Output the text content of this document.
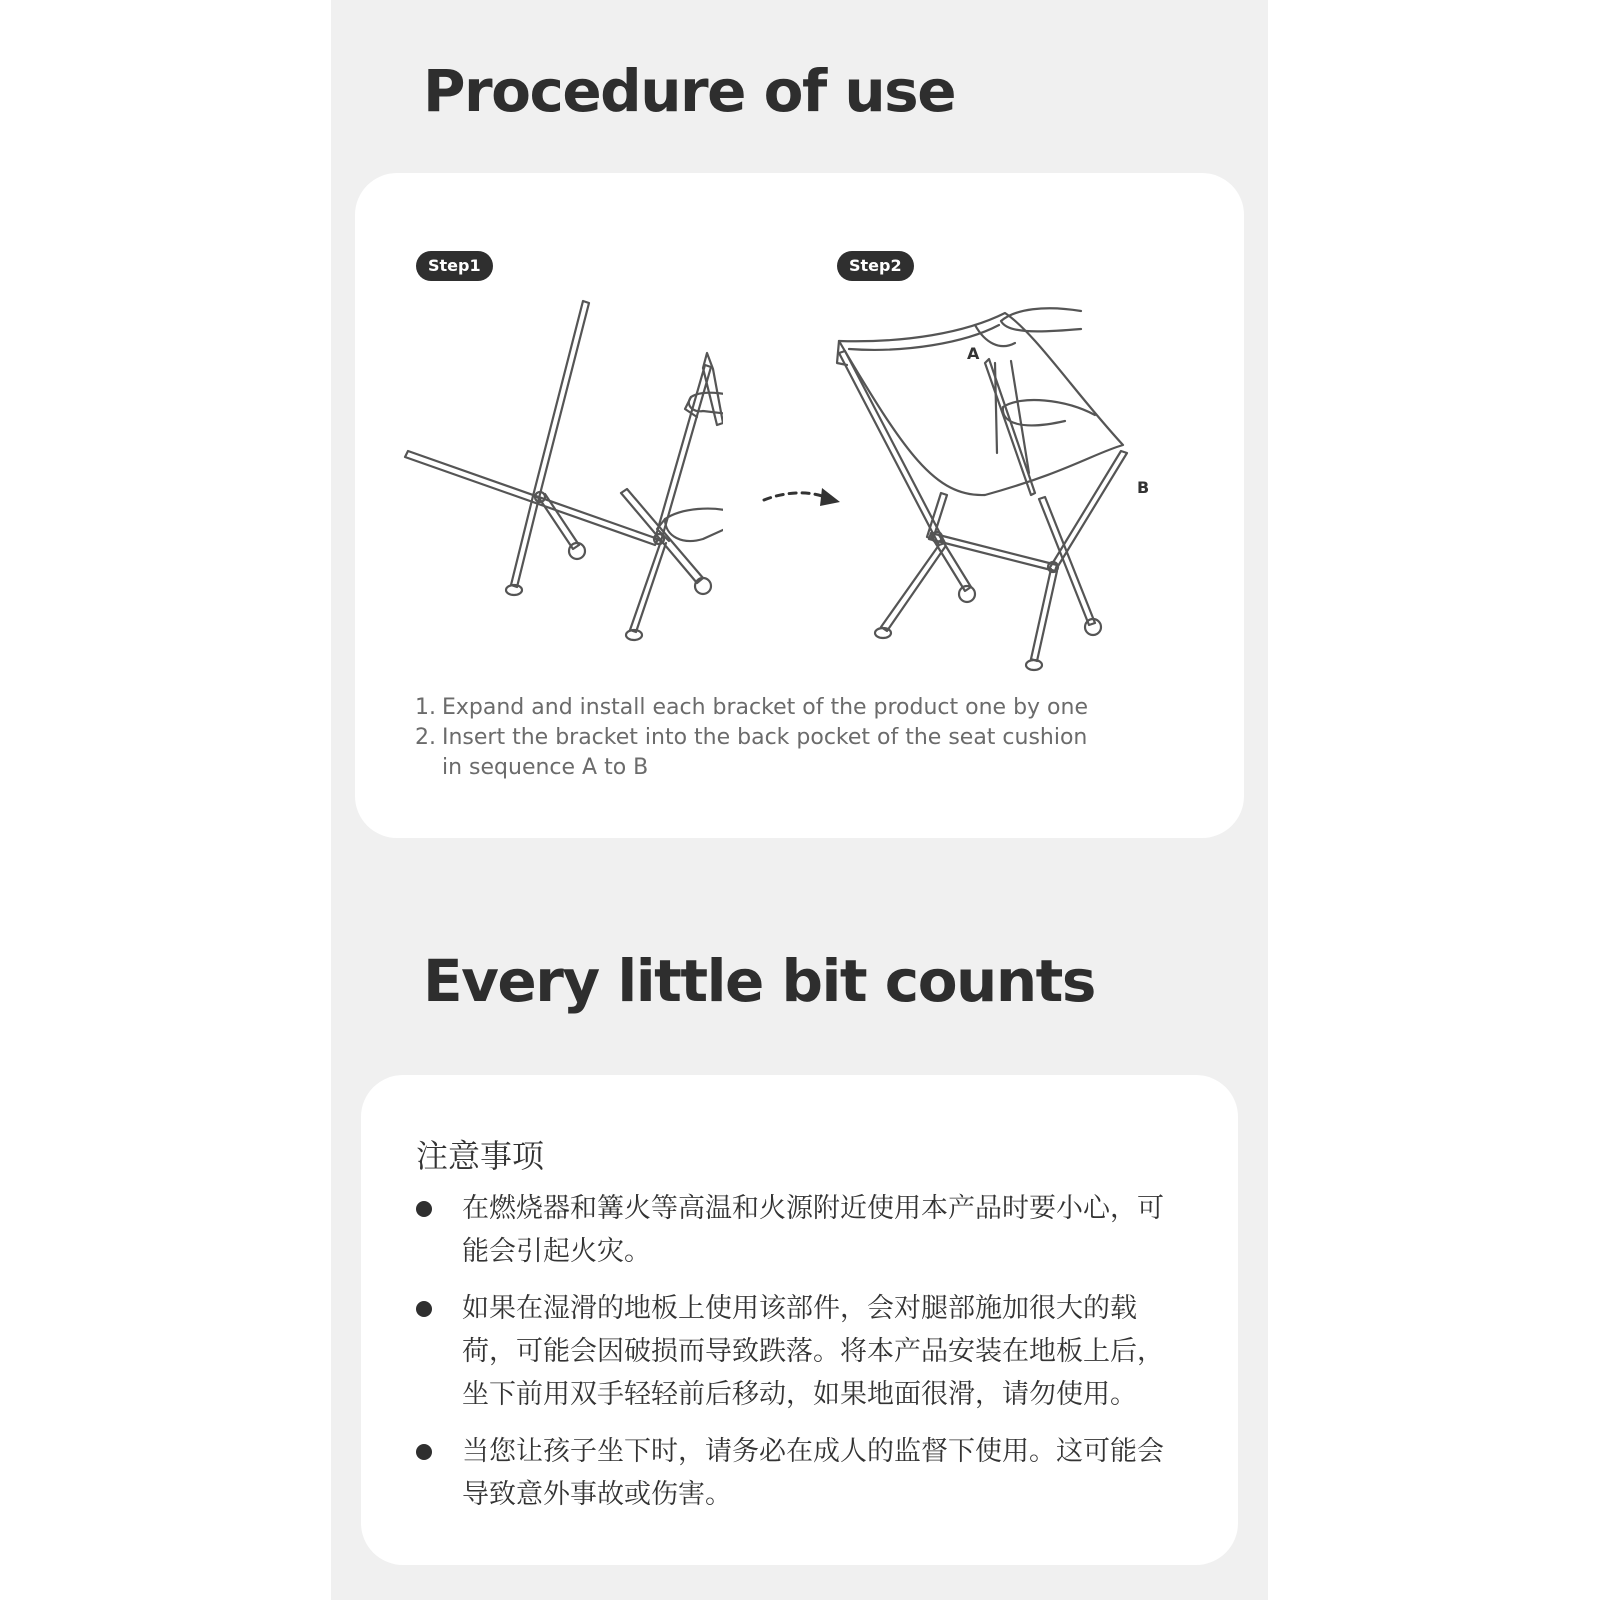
Procedure of use
Step1	Step2
A
B
1. Expand and install each bracket of the product one by one
2. Insert the bracket into the back pocket of the seat cushion in sequence A to B
Every little bit counts
注意事项
在燃烧器和篝火等高温和火源附近使用本产品时要小心，可能会引起火灾。
如果在湿滑的地板上使用该部件，会对腿部施加很大的载荷，可能会因破损而导致跌落。将本产品安装在地板上后，坐下前用双手轻轻前后移动，如果地面很滑，请勿使用。
当您让孩子坐下时，请务必在成人的监督下使用。这可能会导致意外事故或伤害。
